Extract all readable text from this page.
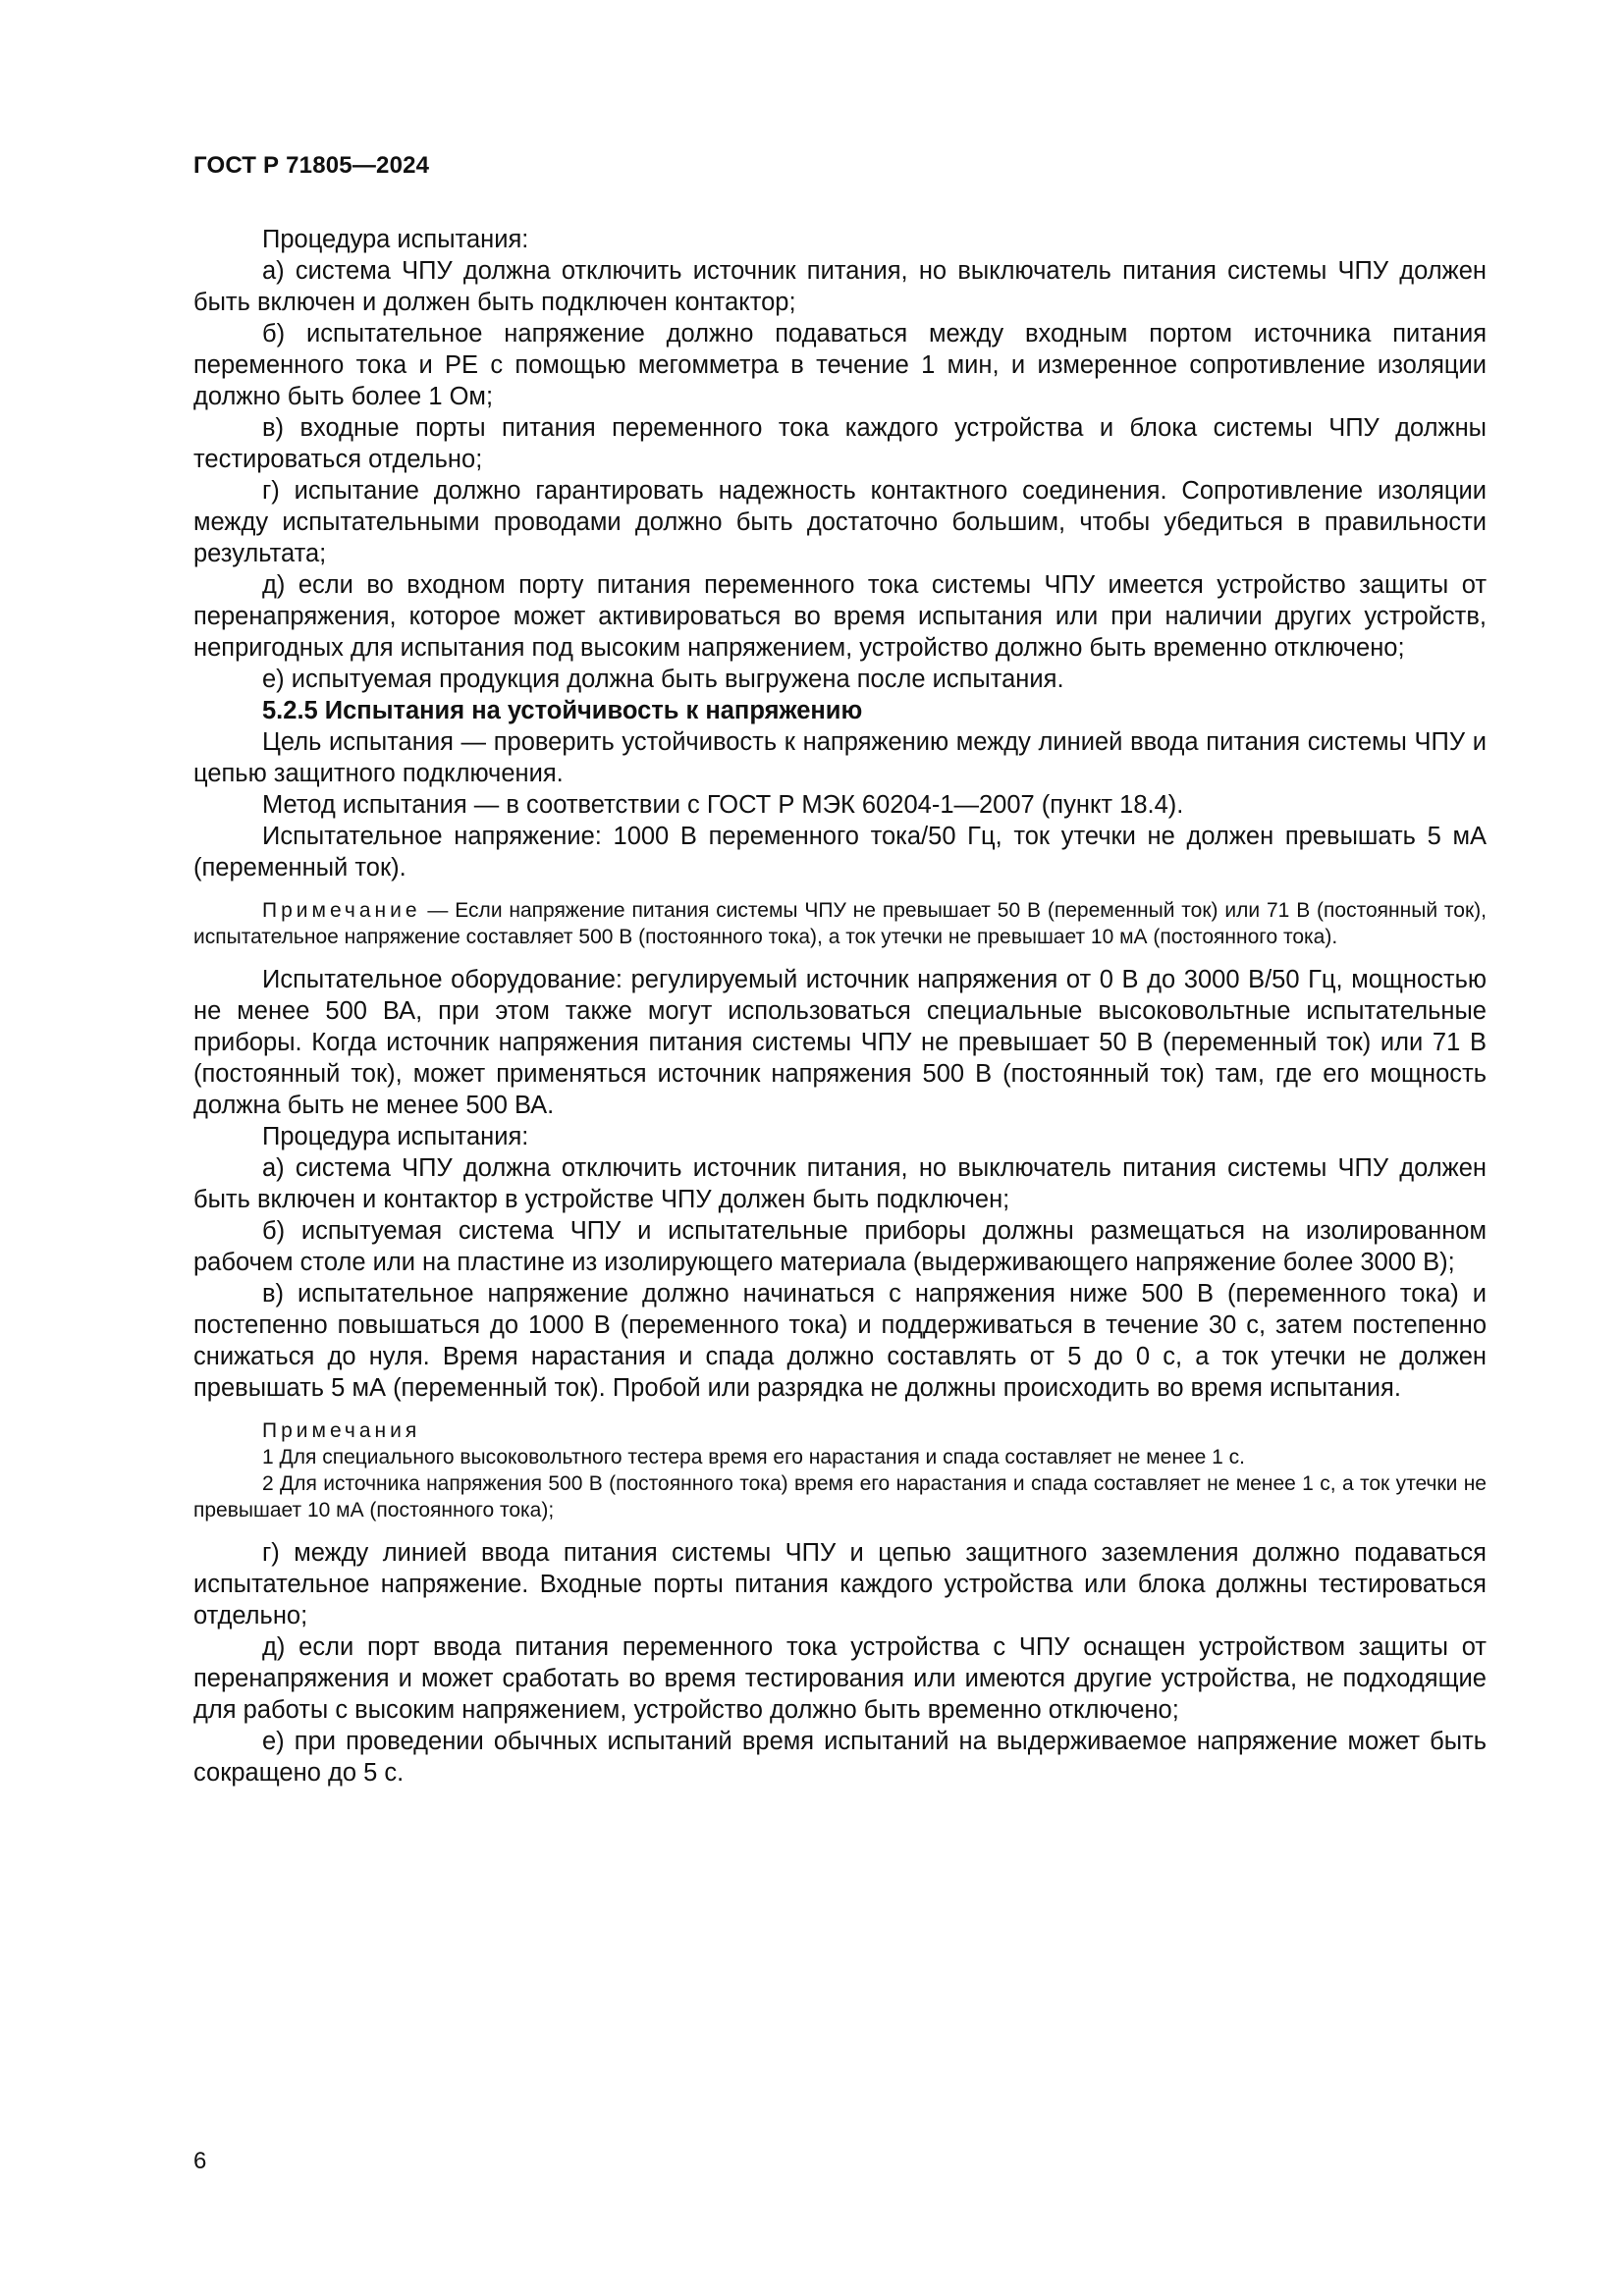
ГОСТ Р 71805—2024

Процедура испытания:

а) система ЧПУ должна отключить источник питания, но выключатель питания системы ЧПУ должен быть включен и должен быть подключен контактор;

б) испытательное напряжение должно подаваться между входным портом источника питания переменного тока и PE с помощью мегомметра в течение 1 мин, и измеренное сопротивление изоляции должно быть более 1 Ом;

в) входные порты питания переменного тока каждого устройства и блока системы ЧПУ должны тестироваться отдельно;

г) испытание должно гарантировать надежность контактного соединения. Сопротивление изоляции между испытательными проводами должно быть достаточно большим, чтобы убедиться в правильности результата;

д) если во входном порту питания переменного тока системы ЧПУ имеется устройство защиты от перенапряжения, которое может активироваться во время испытания или при наличии других устройств, непригодных для испытания под высоким напряжением, устройство должно быть временно отключено;

е) испытуемая продукция должна быть выгружена после испытания.

5.2.5 Испытания на устойчивость к напряжению

Цель испытания — проверить устойчивость к напряжению между линией ввода питания системы ЧПУ и цепью защитного подключения.

Метод испытания — в соответствии с ГОСТ Р МЭК 60204-1—2007 (пункт 18.4).

Испытательное напряжение: 1000 В переменного тока/50 Гц, ток утечки не должен превышать 5 мА (переменный ток).

Примечание — Если напряжение питания системы ЧПУ не превышает 50 В (переменный ток) или 71 В (постоянный ток), испытательное напряжение составляет 500 В (постоянного тока), а ток утечки не превышает 10 мА (постоянного тока).

Испытательное оборудование: регулируемый источник напряжения от 0 В до 3000 В/50 Гц, мощностью не менее 500 ВА, при этом также могут использоваться специальные высоковольтные испытательные приборы. Когда источник напряжения питания системы ЧПУ не превышает 50 В (переменный ток) или 71 В (постоянный ток), может применяться источник напряжения 500 В (постоянный ток) там, где его мощность должна быть не менее 500 ВА.

Процедура испытания:

а) система ЧПУ должна отключить источник питания, но выключатель питания системы ЧПУ должен быть включен и контактор в устройстве ЧПУ должен быть подключен;

б) испытуемая система ЧПУ и испытательные приборы должны размещаться на изолированном рабочем столе или на пластине из изолирующего материала (выдерживающего напряжение более 3000 В);

в) испытательное напряжение должно начинаться с напряжения ниже 500 В (переменного тока) и постепенно повышаться до 1000 В (переменного тока) и поддерживаться в течение 30 с, затем постепенно снижаться до нуля. Время нарастания и спада должно составлять от 5 до 0 с, а ток утечки не должен превышать 5 мА (переменный ток). Пробой или разрядка не должны происходить во время испытания.

Примечания

1 Для специального высоковольтного тестера время его нарастания и спада составляет не менее 1 с.

2 Для источника напряжения 500 В (постоянного тока) время его нарастания и спада составляет не менее 1 с, а ток утечки не превышает 10 мА (постоянного тока);

г) между линией ввода питания системы ЧПУ и цепью защитного заземления должно подаваться испытательное напряжение. Входные порты питания каждого устройства или блока должны тестироваться отдельно;

д) если порт ввода питания переменного тока устройства с ЧПУ оснащен устройством защиты от перенапряжения и может сработать во время тестирования или имеются другие устройства, не подходящие для работы с высоким напряжением, устройство должно быть временно отключено;

е) при проведении обычных испытаний время испытаний на выдерживаемое напряжение может быть сокращено до 5 с.

6
